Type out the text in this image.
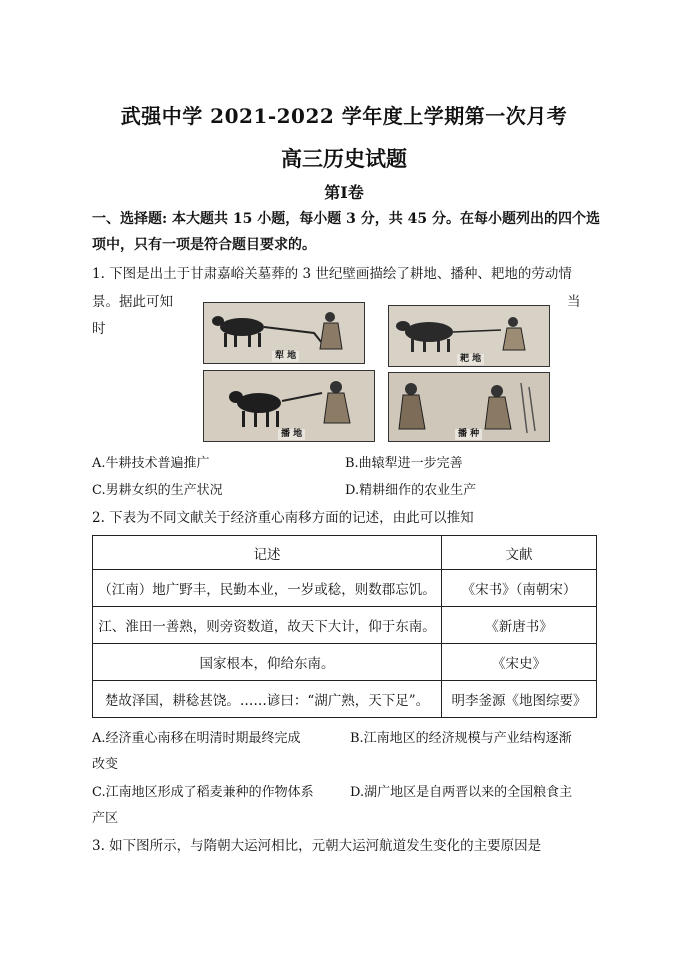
武强中学 2021-2022 学年度上学期第一次月考
高三历史试题
第Ⅰ卷
一、选择题: 本大题共 15 小题，每小题 3 分，共 45 分。在每小题列出的四个选
项中，只有一项是符合题目要求的。
1. 下图是出土于甘肃嘉峪关墓葬的 3 世纪壁画描绘了耕地、播种、耙地的劳动情
景。据此可知	当
时
犁 地	耙 地
播 地	播 种
A.牛耕技术普遍推广	B.曲辕犁进一步完善
C.男耕女织的生产状况	D.精耕细作的农业生产
2. 下表为不同文献关于经济重心南移方面的记述，由此可以推知
记述	文献
（江南）地广野丰，民勤本业，一岁或稔，则数郡忘饥。	《宋书》（南朝宋）
江、淮田一善熟，则旁资数道，故天下大计，仰于东南。	《新唐书》
国家根本，仰给东南。	《宋史》
楚故泽国，耕稔甚饶。……谚曰：“湖广熟，天下足”。	明李釜源《地图综要》
A.经济重心南移在明清时期最终完成	B.江南地区的经济规模与产业结构逐渐
改变
C.江南地区形成了稻麦兼种的作物体系	D.湖广地区是自两晋以来的全国粮食主
产区
3. 如下图所示，与隋朝大运河相比，元朝大运河航道发生变化的主要原因是
